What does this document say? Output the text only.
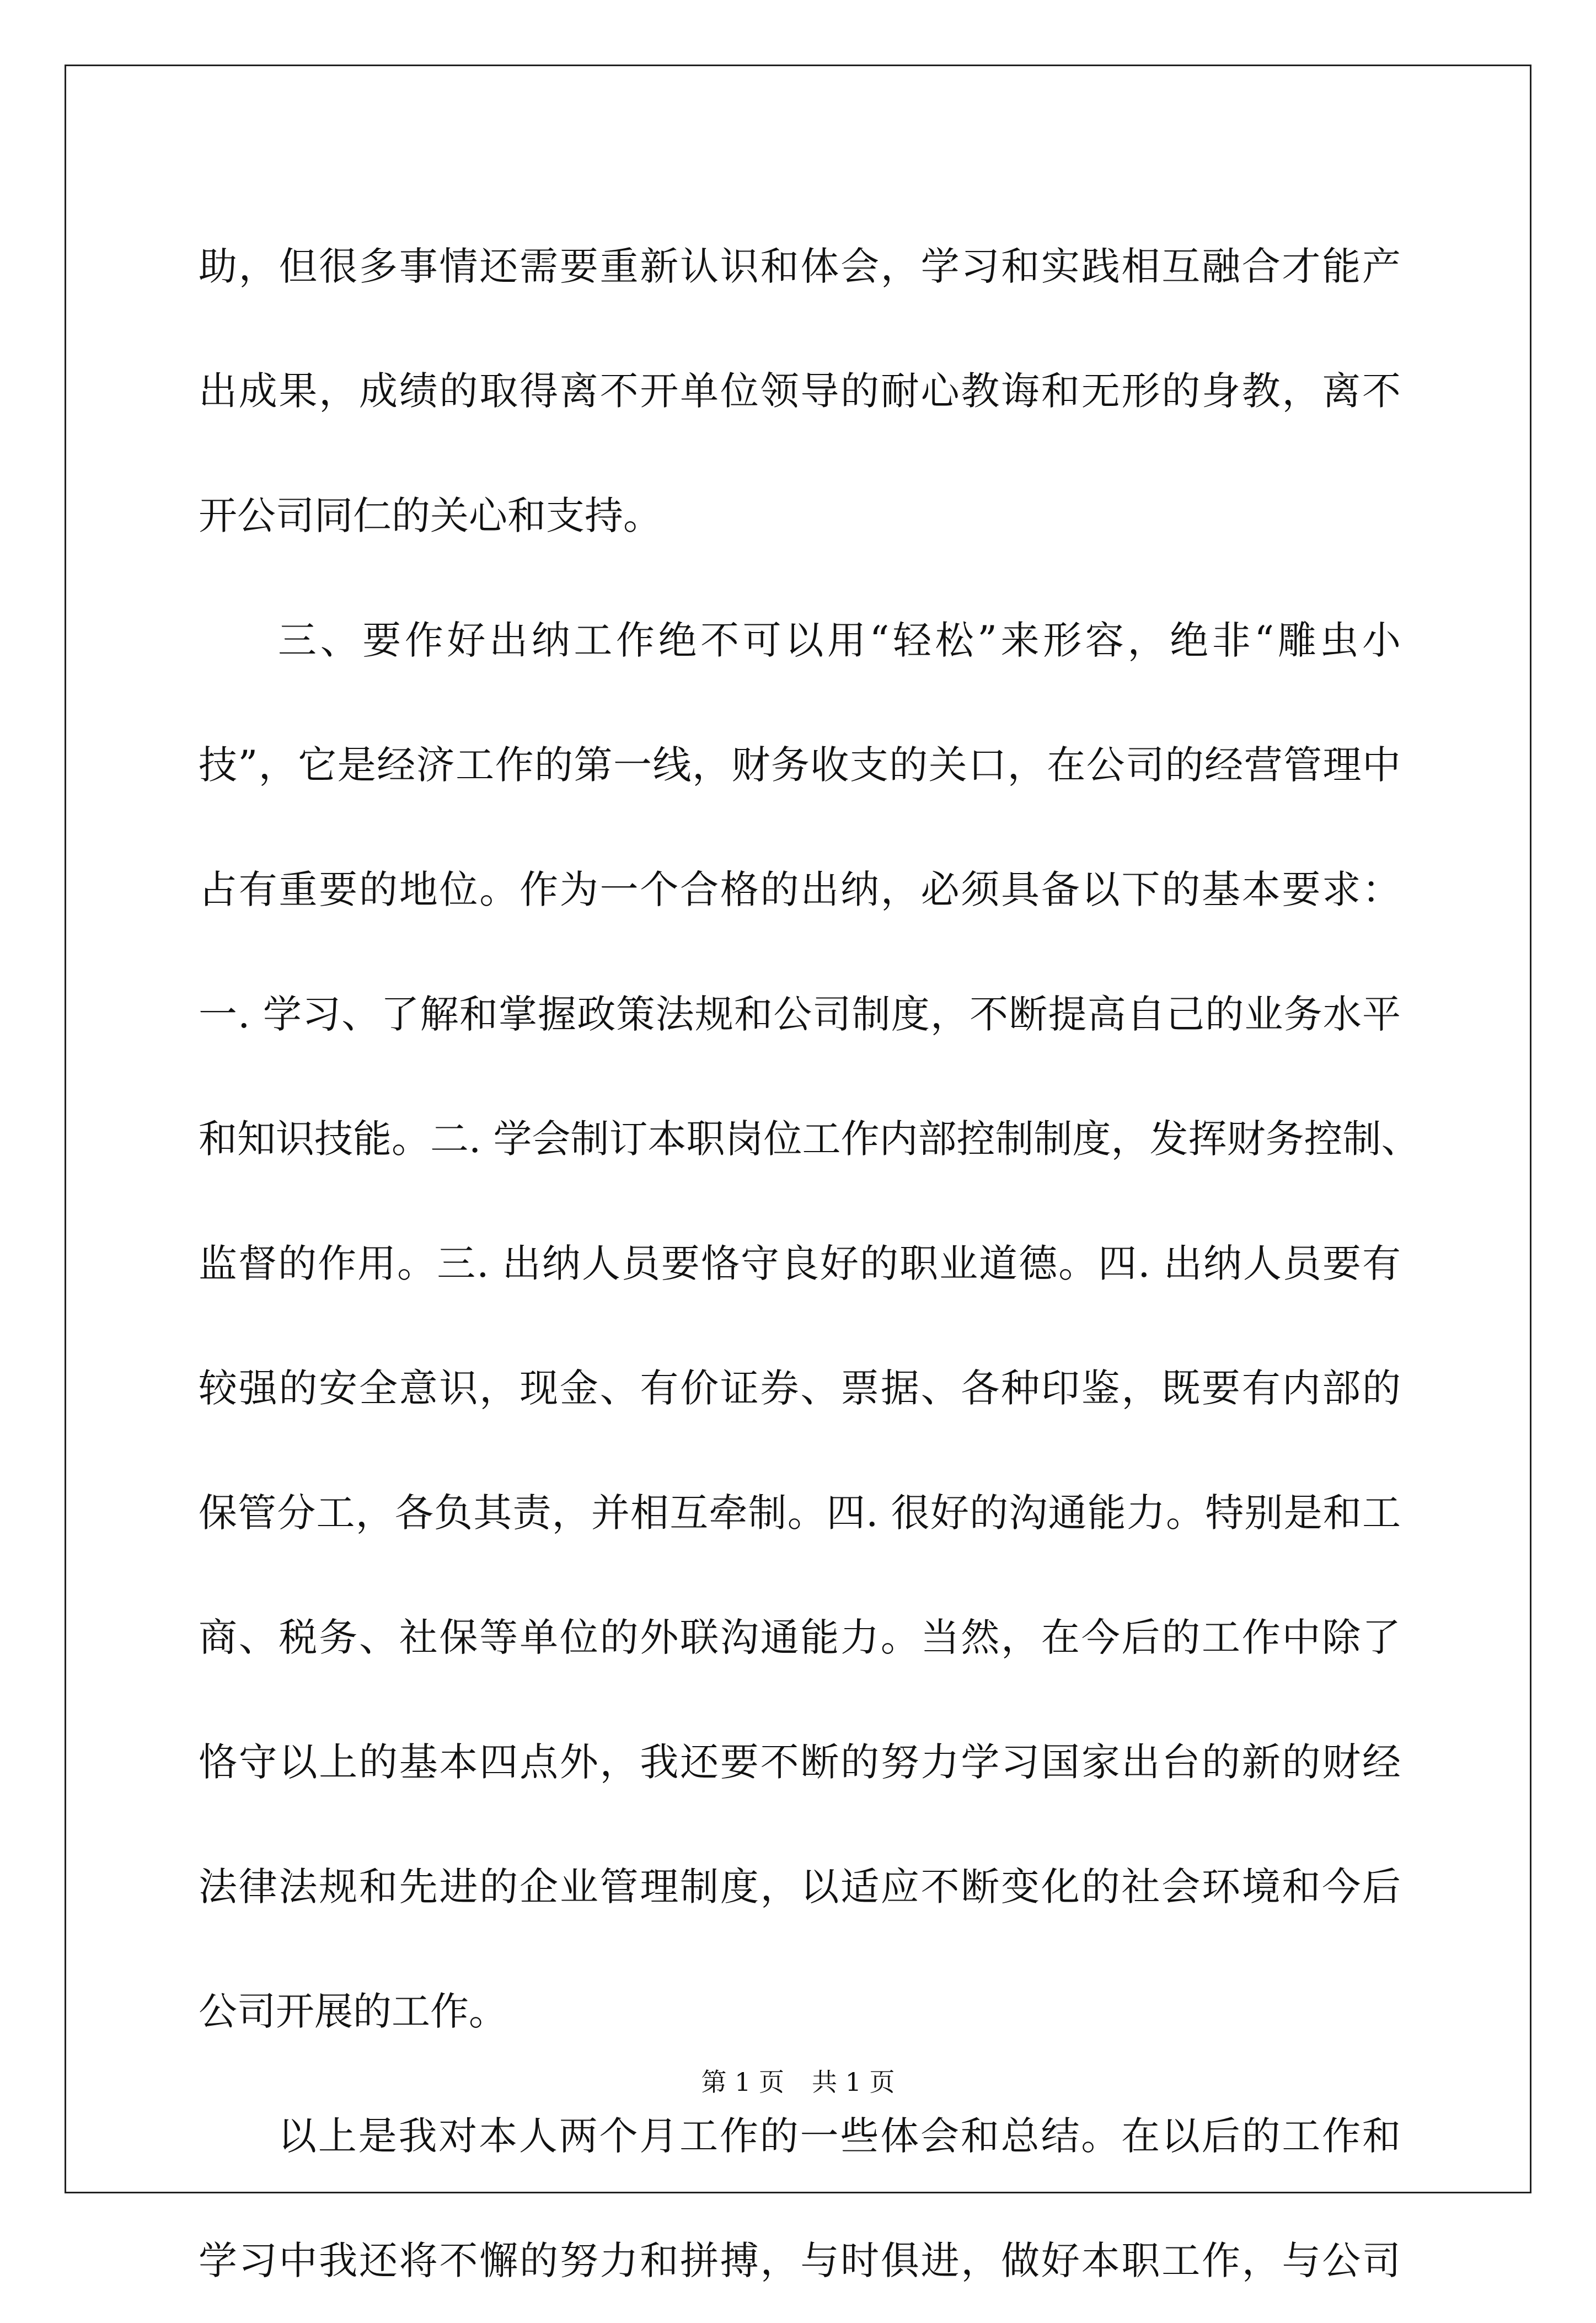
助，但很多事情还需要重新认识和体会，学习和实践相互融合才能产
出成果，成绩的取得离不开单位领导的耐心教诲和无形的身教，离不
开公司同仁的关心和支持。
三、要作好出纳工作绝不可以用“轻松”来形容，绝非“雕虫小
技”，它是经济工作的第一线，财务收支的关口，在公司的经营管理中
占有重要的地位。作为一个合格的出纳，必须具备以下的基本要求：
一. 学习、了解和掌握政策法规和公司制度，不断提高自己的业务水平
和知识技能。二. 学会制订本职岗位工作内部控制制度，发挥财务控制、
监督的作用。三. 出纳人员要恪守良好的职业道德。四. 出纳人员要有
较强的安全意识，现金、有价证券、票据、各种印鉴，既要有内部的
保管分工，各负其责，并相互牵制。四. 很好的沟通能力。特别是和工
商、税务、社保等单位的外联沟通能力。当然，在今后的工作中除了
恪守以上的基本四点外，我还要不断的努力学习国家出台的新的财经
法律法规和先进的企业管理制度，以适应不断变化的社会环境和今后
公司开展的工作。
以上是我对本人两个月工作的一些体会和总结。在以后的工作和
学习中我还将不懈的努力和拼搏，与时俱进，做好本职工作，与公司
第 1 页 共 1 页
